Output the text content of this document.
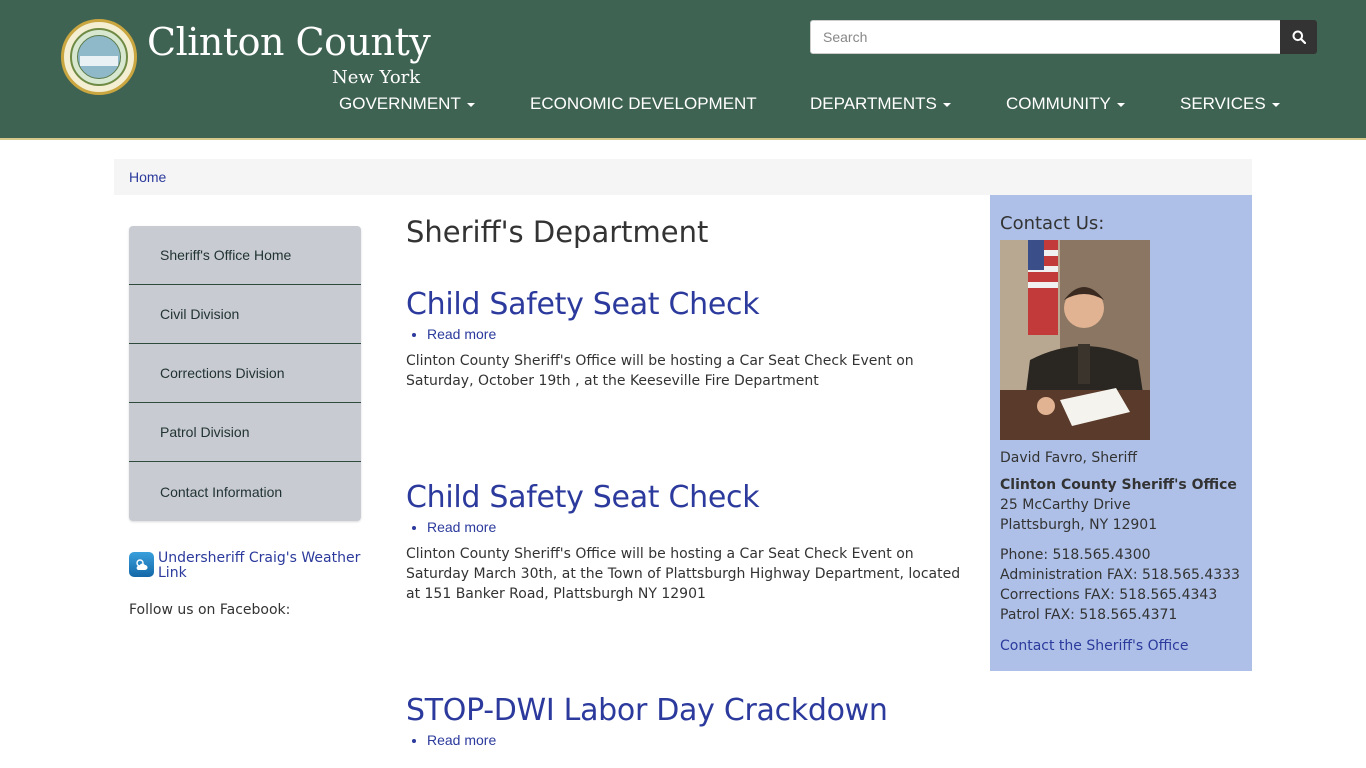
Clinton County
New York
Search
GOVERNMENT	ECONOMIC DEVELOPMENT	DEPARTMENTS	COMMUNITY	SERVICES
Home
Sheriff's Office Home
Civil Division
Corrections Division
Patrol Division
Contact Information
Undersheriff Craig's Weather Link
Follow us on Facebook:
Sheriff's Department
Child Safety Seat Check
• Read more

Clinton County Sheriff's Office will be hosting a Car Seat Check Event on Saturday, October 19th , at the Keeseville Fire Department

Child Safety Seat Check
• Read more

Clinton County Sheriff's Office will be hosting a Car Seat Check Event on Saturday March 30th, at the Town of Plattsburgh Highway Department, located at 151 Banker Road, Plattsburgh NY 12901

STOP-DWI Labor Day Crackdown
• Read more
Contact Us:
David Favro, Sheriff
Clinton County Sheriff's Office
25 McCarthy Drive
Plattsburgh, NY 12901
Phone: 518.565.4300
Administration FAX: 518.565.4333
Corrections FAX: 518.565.4343
Patrol FAX: 518.565.4371
Contact the Sheriff's Office
